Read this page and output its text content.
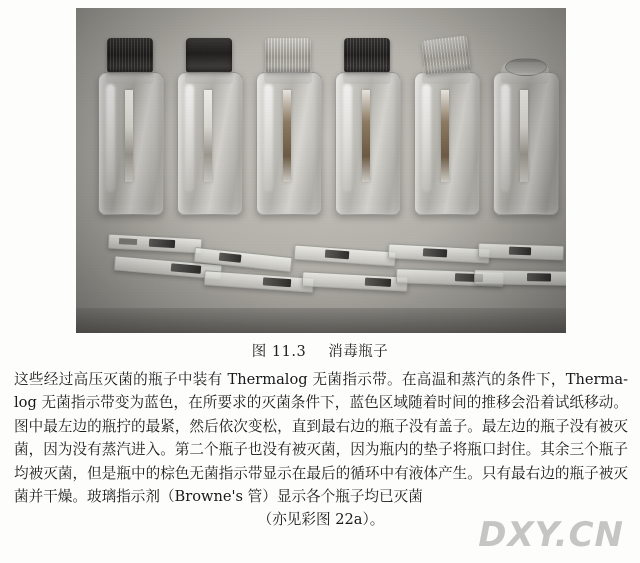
图 11.3 消毒瓶子

这些经过高压灭菌的瓶子中装有 Thermalog 无菌指示带。在高温和蒸汽的条件下，Therma-log 无菌指示带变为蓝色，在所要求的灭菌条件下，蓝色区域随着时间的推移会沿着试纸移动。图中最左边的瓶拧的最紧，然后依次变松，直到最右边的瓶子没有盖子。最左边的瓶子没有被灭菌，因为没有蒸汽进入。第二个瓶子也没有被灭菌，因为瓶内的垫子将瓶口封住。其余三个瓶子均被灭菌，但是瓶中的棕色无菌指示带显示在最后的循环中有液体产生。只有最右边的瓶子被灭菌并干燥。玻璃指示剂（Browne's 管）显示各个瓶子均已灭菌

（亦见彩图 22a）。	DXY.CN
